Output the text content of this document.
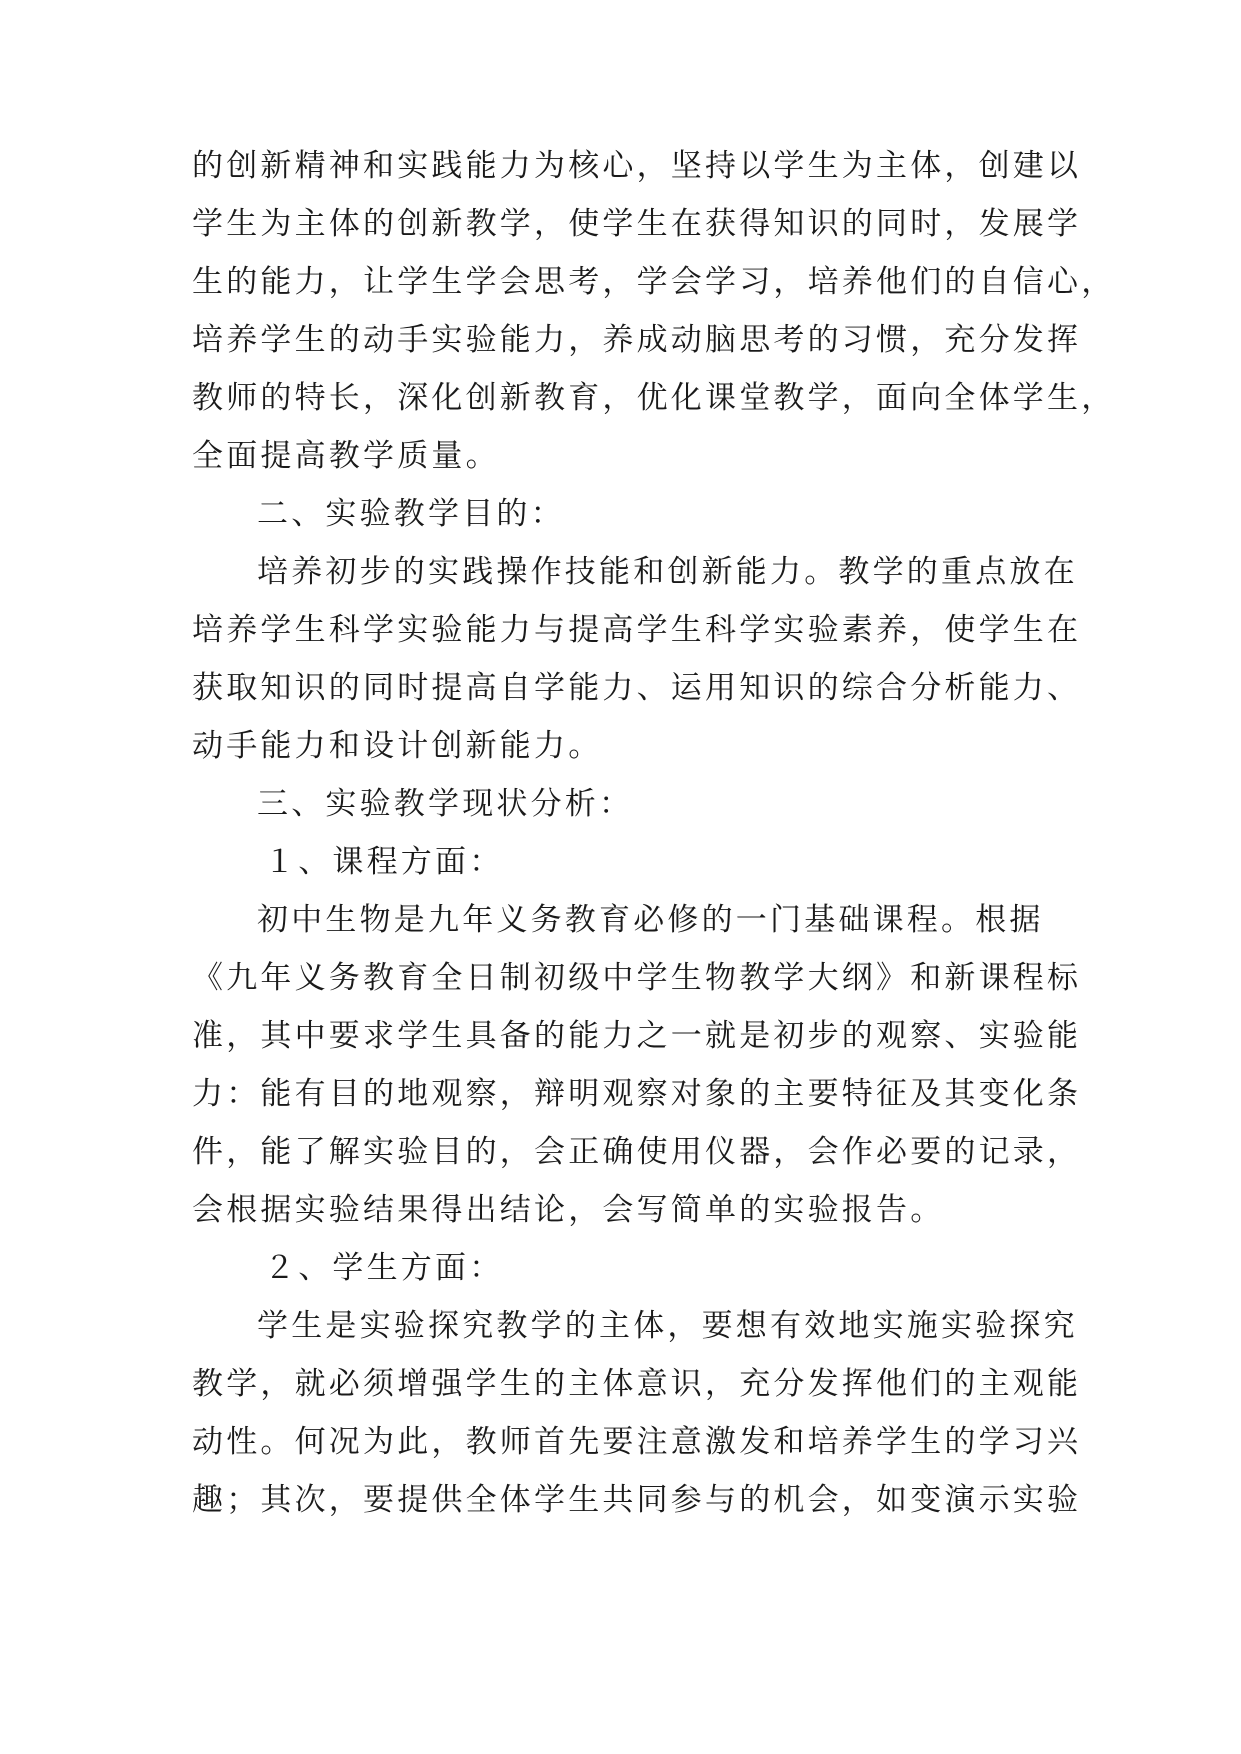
的创新精神和实践能力为核心，坚持以学生为主体，创建以
学生为主体的创新教学，使学生在获得知识的同时，发展学
生的能力，让学生学会思考，学会学习，培养他们的自信心，
培养学生的动手实验能力，养成动脑思考的习惯，充分发挥
教师的特长，深化创新教育，优化课堂教学，面向全体学生，
全面提高教学质量。
二、实验教学目的：
培养初步的实践操作技能和创新能力。教学的重点放在
培养学生科学实验能力与提高学生科学实验素养，使学生在
获取知识的同时提高自学能力、运用知识的综合分析能力、
动手能力和设计创新能力。
三、实验教学现状分析：
１、课程方面：
初中生物是九年义务教育必修的一门基础课程。根据
《九年义务教育全日制初级中学生物教学大纲》和新课程标
准，其中要求学生具备的能力之一就是初步的观察、实验能
力：能有目的地观察，辩明观察对象的主要特征及其变化条
件，能了解实验目的，会正确使用仪器，会作必要的记录，
会根据实验结果得出结论，会写简单的实验报告。
２、学生方面：
学生是实验探究教学的主体，要想有效地实施实验探究
教学，就必须增强学生的主体意识，充分发挥他们的主观能
动性。何况为此，教师首先要注意激发和培养学生的学习兴
趣；其次，要提供全体学生共同参与的机会，如变演示实验
